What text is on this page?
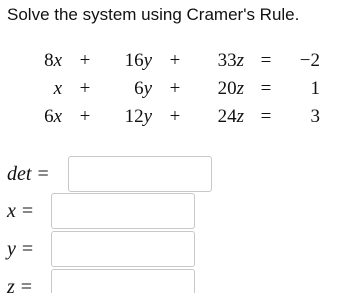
Solve the system using Cramer's Rule.
8x +	16y +	33z =	−2
x +	6y +	20z =	1
6x +	12y +	24z =	3
det =
x =
y =
z =
